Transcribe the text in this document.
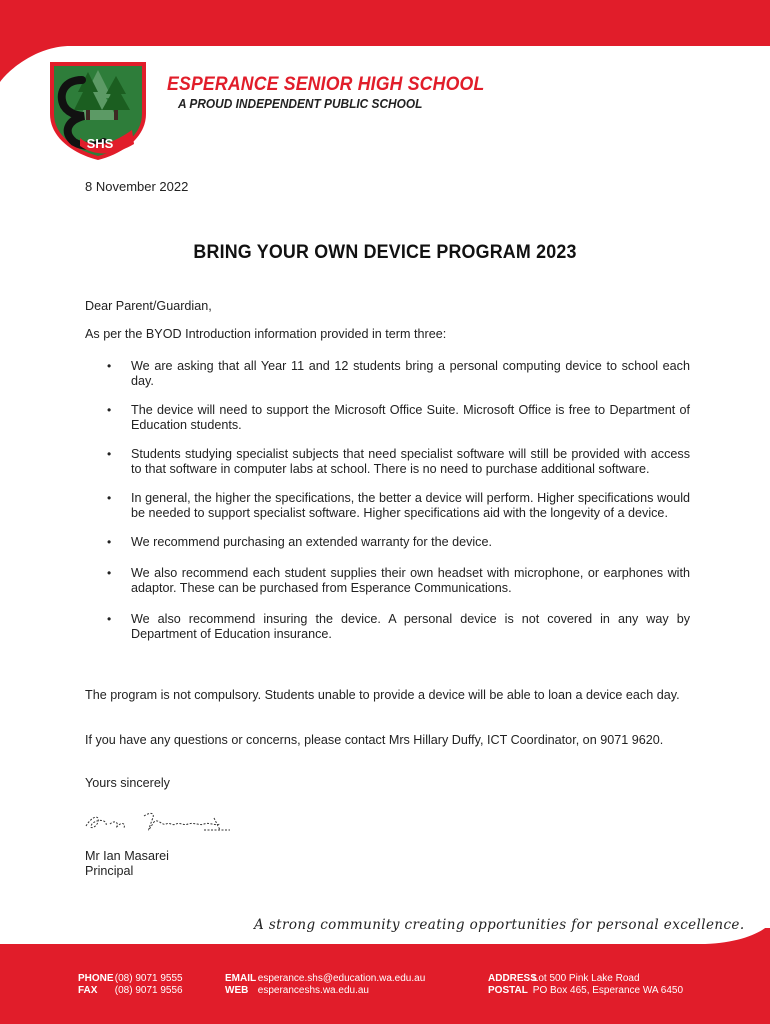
SHS
ESPERANCE SENIOR HIGH SCHOOL
A PROUD INDEPENDENT PUBLIC SCHOOL
8 November 2022
BRING YOUR OWN DEVICE PROGRAM 2023
Dear Parent/Guardian,
As per the BYOD Introduction information provided in term three:
• We are asking that all Year 11 and 12 students bring a personal computing device to school each day.
• The device will need to support the Microsoft Office Suite. Microsoft Office is free to Department of Education students.
• Students studying specialist subjects that need specialist software will still be provided with access to that software in computer labs at school. There is no need to purchase additional software.
• In general, the higher the specifications, the better a device will perform. Higher specifications would be needed to support specialist software. Higher specifications aid with the longevity of a device.
• We recommend purchasing an extended warranty for the device.
• We also recommend each student supplies their own headset with microphone, or earphones with adaptor. These can be purchased from Esperance Communications.
• We also recommend insuring the device. A personal device is not covered in any way by Department of Education insurance.
The program is not compulsory. Students unable to provide a device will be able to loan a device each day.
If you have any questions or concerns, please contact Mrs Hillary Duffy, ICT Coordinator, on 9071 9620.
Yours sincerely
Mr Ian Masarei
Principal
A strong community creating opportunities for personal excellence.
PHONE (08) 9071 9555
FAX (08) 9071 9556
EMAIL esperance.shs@education.wa.edu.au
WEB esperanceshs.wa.edu.au
ADDRESS Lot 500 Pink Lake Road
POSTAL PO Box 465, Esperance WA 6450
